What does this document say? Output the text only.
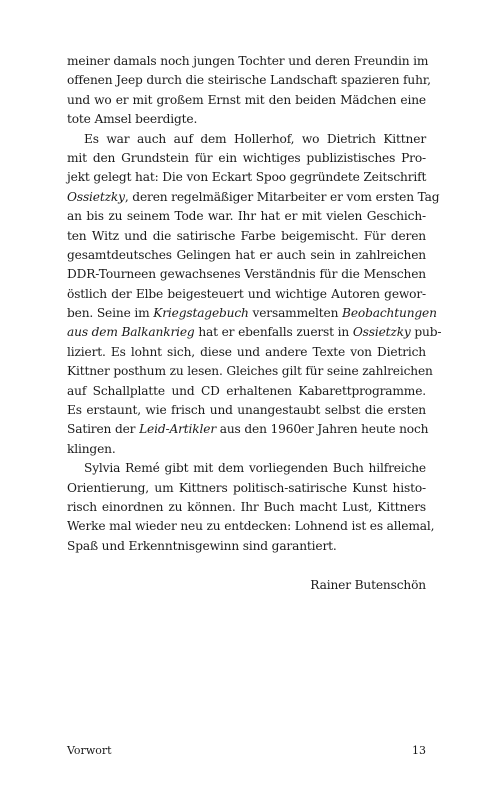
meiner damals noch jungen Tochter und deren Freundin im
offenen Jeep durch die steirische Landschaft spazieren fuhr,
und wo er mit großem Ernst mit den beiden Mädchen eine
tote Amsel beerdigte.
Es war auch auf dem Hollerhof, wo Dietrich Kittner
mit den Grundstein für ein wichtiges publizistisches Pro-
jekt gelegt hat: Die von Eckart Spoo gegründete Zeitschrift
Ossietzky, deren regelmäßiger Mitarbeiter er vom ersten Tag
an bis zu seinem Tode war. Ihr hat er mit vielen Geschich-
ten Witz und die satirische Farbe beigemischt. Für deren
gesamtdeutsches Gelingen hat er auch sein in zahlreichen
DDR-Tourneen gewachsenes Verständnis für die Menschen
östlich der Elbe beigesteuert und wichtige Autoren gewor-
ben. Seine im Kriegstagebuch versammelten Beobachtungen
aus dem Balkankrieg hat er ebenfalls zuerst in Ossietzky pub-
liziert. Es lohnt sich, diese und andere Texte von Dietrich
Kittner posthum zu lesen. Gleiches gilt für seine zahlreichen
auf Schallplatte und CD erhaltenen Kabarettprogramme.
Es erstaunt, wie frisch und unangestaubt selbst die ersten
Satiren der Leid-Artikler aus den 1960er Jahren heute noch
klingen.
Sylvia Remé gibt mit dem vorliegenden Buch hilfreiche
Orientierung, um Kittners politisch-satirische Kunst histo-
risch einordnen zu können. Ihr Buch macht Lust, Kittners
Werke mal wieder neu zu entdecken: Lohnend ist es allemal,
Spaß und Erkenntnisgewinn sind garantiert.
Rainer Butenschön
Vorwort	13
